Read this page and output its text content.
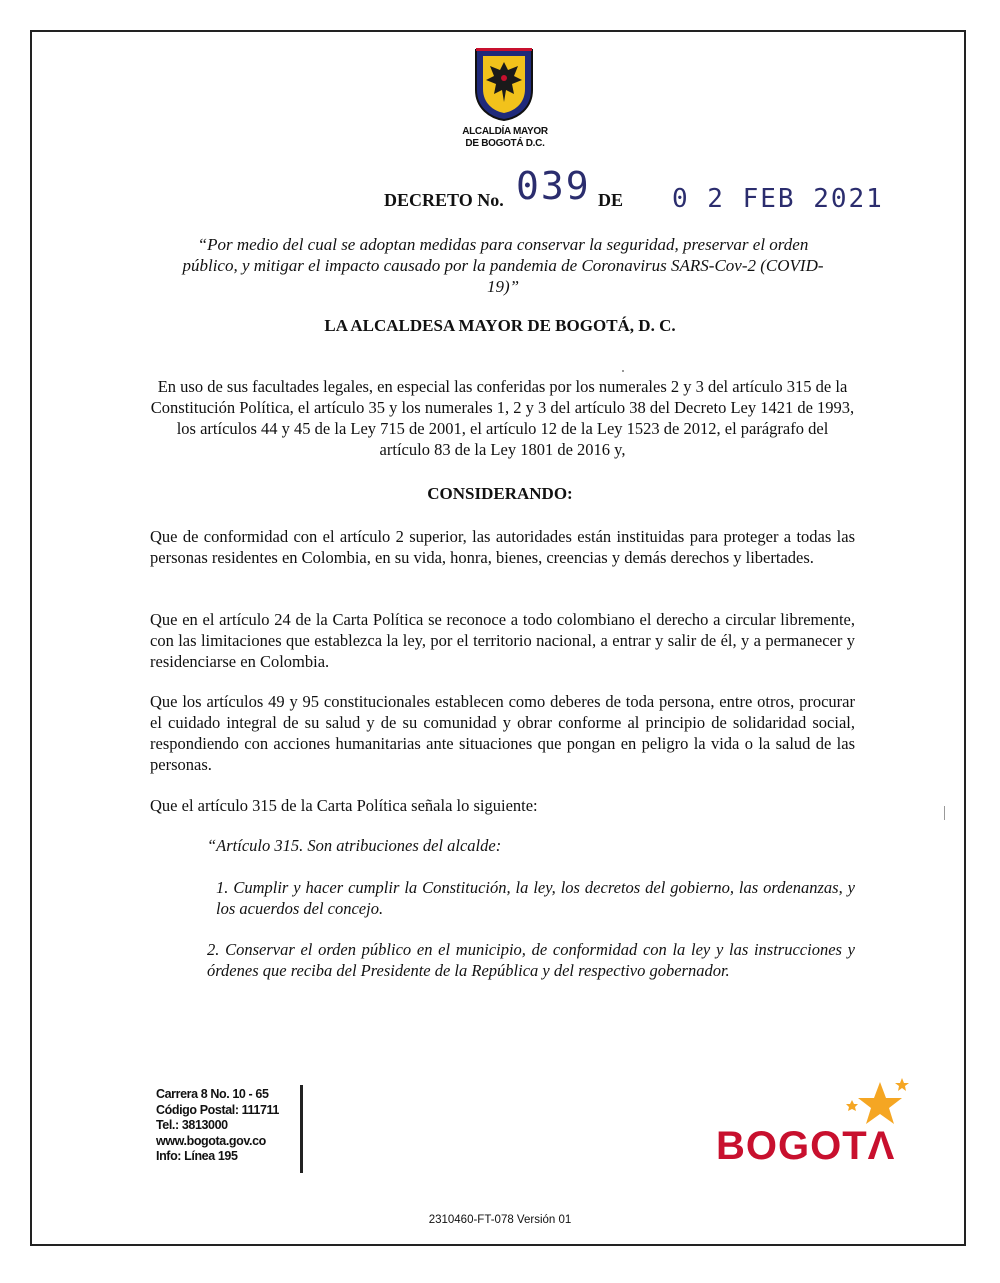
ALCALDÍA MAYOR
DE BOGOTÁ D.C.
DECRETO No. 039 DE 0 2 FEB 2021
“Por medio del cual se adoptan medidas para conservar la seguridad, preservar el orden público, y mitigar el impacto causado por la pandemia de Coronavirus SARS-Cov-2 (COVID-19)”
LA ALCALDESA MAYOR DE BOGOTÁ, D. C.
En uso de sus facultades legales, en especial las conferidas por los numerales 2 y 3 del artículo 315 de la Constitución Política, el artículo 35 y los numerales 1, 2 y 3 del artículo 38 del Decreto Ley 1421 de 1993, los artículos 44 y 45 de la Ley 715 de 2001, el artículo 12 de la Ley 1523 de 2012, el parágrafo del artículo 83 de la Ley 1801 de 2016 y,
CONSIDERANDO:

Que de conformidad con el artículo 2 superior, las autoridades están instituidas para proteger a todas las personas residentes en Colombia, en su vida, honra, bienes, creencias y demás derechos y libertades.

Que en el artículo 24 de la Carta Política se reconoce a todo colombiano el derecho a circular libremente, con las limitaciones que establezca la ley, por el territorio nacional, a entrar y salir de él, y a permanecer y residenciarse en Colombia.

Que los artículos 49 y 95 constitucionales establecen como deberes de toda persona, entre otros, procurar el cuidado integral de su salud y de su comunidad y obrar conforme al principio de solidaridad social, respondiendo con acciones humanitarias ante situaciones que pongan en peligro la vida o la salud de las personas.

Que el artículo 315 de la Carta Política señala lo siguiente:

“Artículo 315. Son atribuciones del alcalde:

1. Cumplir y hacer cumplir la Constitución, la ley, los decretos del gobierno, las ordenanzas, y los acuerdos del concejo.

2. Conservar el orden público en el municipio, de conformidad con la ley y las instrucciones y órdenes que reciba del Presidente de la República y del respectivo gobernador.

Carrera 8 No. 10 - 65
Código Postal: 111711
Tel.: 3813000
www.bogota.gov.co
Info: Línea 195	BOGOTΛ
2310460-FT-078 Versión 01
